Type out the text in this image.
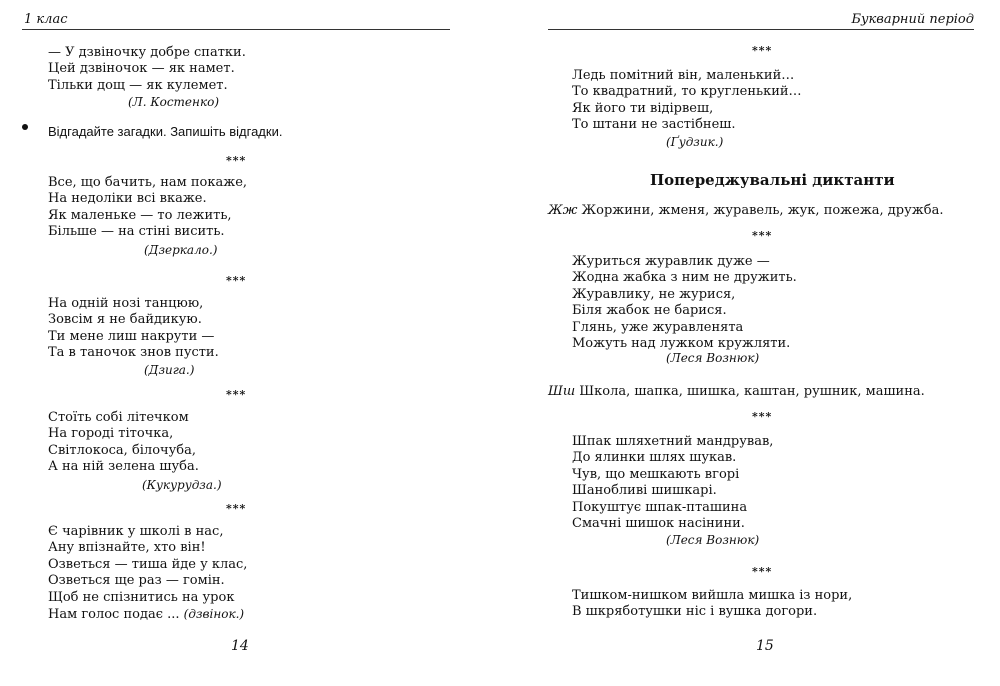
1 клас
— У дзвіночку добре спатки.
Цей дзвіночок — як намет.
Тільки дощ — як кулемет.
(Л. Костенко)
Відгадайте загадки. Запишіть відгадки.
***
Все, що бачить, нам покаже,
На недоліки всі вкаже.
Як маленьке — то лежить,
Більше — на стіні висить.
(Дзеркало.)
***
На одній нозі танцюю,
Зовсім я не байдикую.
Ти мене лиш накрути —
Та в таночок знов пусти.
(Дзига.)
***
Стоїть собі літечком
На городі тіточка,
Світлокоса, білочуба,
А на ній зелена шуба.
(Кукурудза.)
***
Є чарівник у школі в нас,
Ану впізнайте, хто він!
Озветься — тиша йде у клас,
Озветься ще раз — гомін.
Щоб не спізнитись на урок
Нам голос подає ... (дзвінок.)
14
Букварний період
15
***
Ледь помітний він, маленький…
То квадратний, то кругленький…
Як його ти відірвеш,
То штани не застібнеш.
(Ґудзик.)
Попереджувальні диктанти
Жж Жоржини, жменя, журавель, жук, пожежа, дружба.
***
Журиться журавлик дуже —
Жодна жабка з ним не дружить.
Журавлику, не журися,
Біля жабок не барися.
Глянь, уже журавленята
Можуть над лужком кружляти.
(Леся Вознюк)
Шш Школа, шапка, шишка, каштан, рушник, машина.
***
Шпак шляхетний мандрував,
До ялинки шлях шукав.
Чув, що мешкають вгорі
Шанобливі шишкарі.
Покуштує шпак-пташина
Смачні шишок насінини.
(Леся Вознюк)
***
Тишком-нишком вийшла мишка із нори,
В шкряботушки ніс і вушка догори.
